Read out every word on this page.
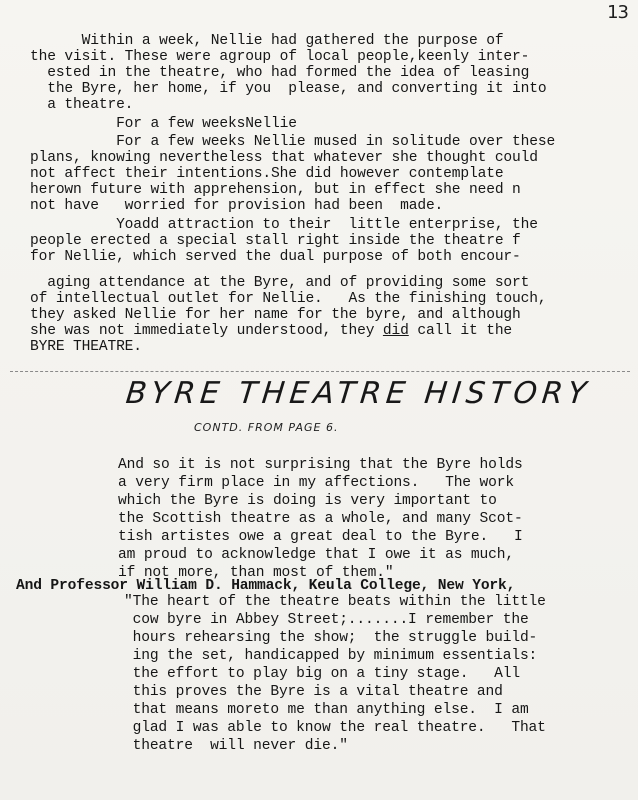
13
Within a week, Nellie had gathered the purpose of
the visit. These were agroup of local people,keenly inter-
ested in the theatre, who had formed the idea of leasing
the Byre, her home, if you  please, and converting it into
a theatre.
For a few weeksNellie
For a few weeks Nellie mused in solitude over these
plans, knowing nevertheless that whatever she thought could
not affect their intentions.She did however contemplate
herown future with apprehension, but in effect she need n
not have   worried for provision had been  made.
Yoadd attraction to their  little enterprise, the
people erected a special stall right inside the theatre f
for Nellie, which served the dual purpose of both encour-
aging attendance at the Byre, and of providing some sort
of intellectual outlet for Nellie.   As the finishing touch,
they asked Nellie for her name for the byre, and although
she was not immediately understood, they did call it the
BYRE THEATRE.
BYRE THEATRE HISTORY
CONTD. FROM PAGE 6.
And so it is not surprising that the Byre holds
a very firm place in my affections.   The work
which the Byre is doing is very important to
the Scottish theatre as a whole, and many Scot-
tish artistes owe a great deal to the Byre.   I
am proud to acknowledge that I owe it as much,
if not more, than most of them."
And Professor William D. Hammack, Keula College, New York,
"The heart of the theatre beats within the little
cow byre in Abbey Street;.......I remember the
hours rehearsing the show;  the struggle build-
ing the set, handicapped by minimum essentials:
the effort to play big on a tiny stage.   All
this proves the Byre is a vital theatre and
that means moreto me than anything else.  I am
glad I was able to know the real theatre.   That
theatre  will never die."
